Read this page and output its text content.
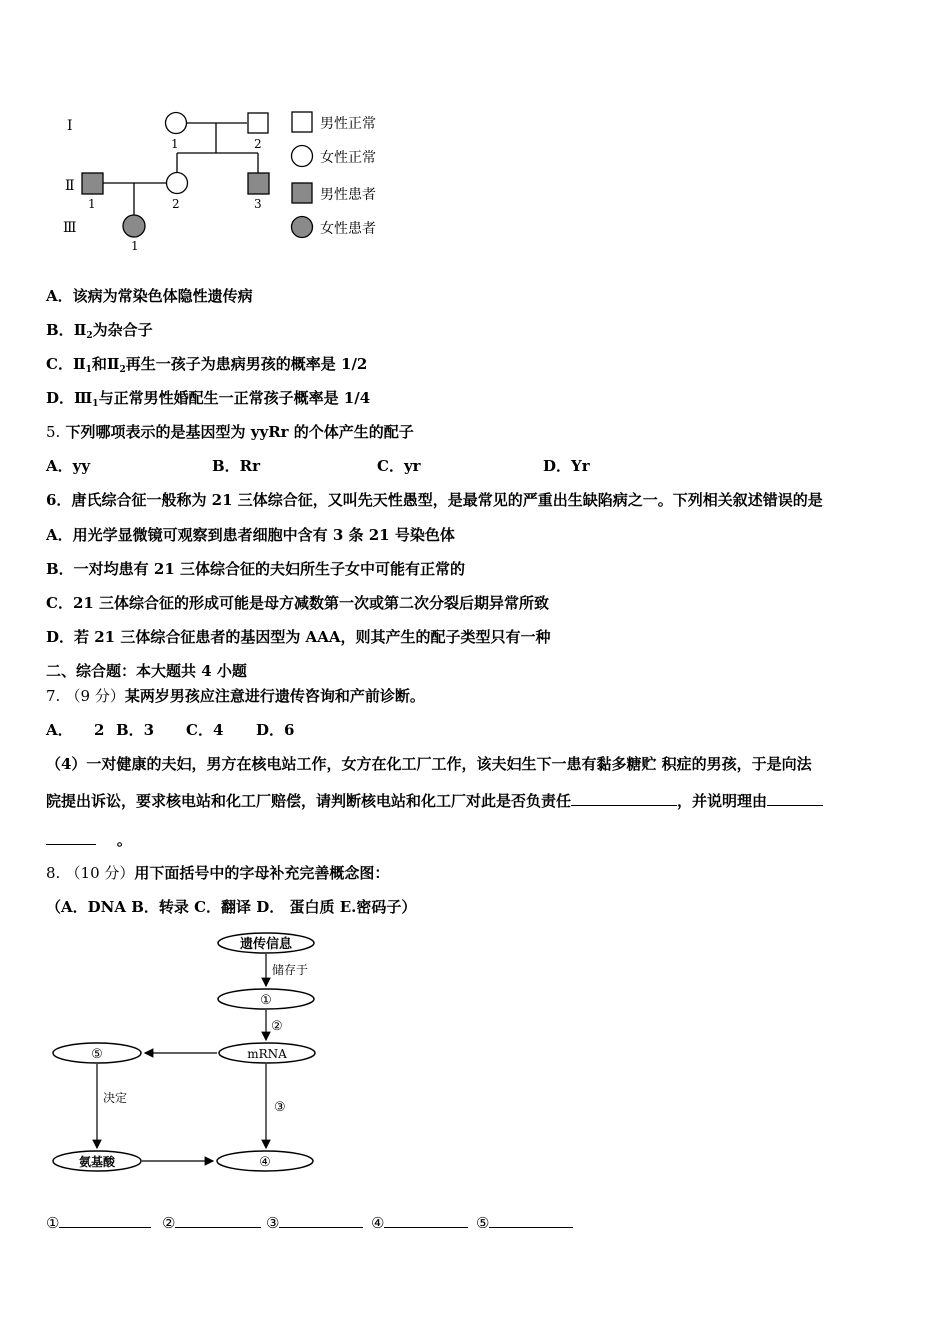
Ⅰ
Ⅱ
Ⅲ
1	2
1	2	3
1
男性正常
女性正常
男性患者
女性患者
A．该病为常染色体隐性遗传病
B．$Ⅱ_2$为杂合子
C．$Ⅱ_1$和$Ⅱ_2$再生一孩子为患病男孩的概率是 1/2
D．$Ⅲ_1$与正常男性婚配生一正常孩子概率是 1/4
5. 下列哪项表示的是基因型为 yyRr 的个体产生的配子
A．yy	B．Rr	C．yr	D．Yr
6．唐氏综合征一般称为 21 三体综合征，又叫先天性愚型，是最常见的严重出生缺陷病之一。下列相关叙述错误的是
A．用光学显微镜可观察到患者细胞中含有 3 条 21 号染色体
B．一对均患有 21 三体综合征的夫妇所生子女中可能有正常的
C．21 三体综合征的形成可能是母方减数第一次或第二次分裂后期异常所致
D．若 21 三体综合征患者的基因型为 AAA，则其产生的配子类型只有一种
二、综合题：本大题共 4 小题
7. （9 分）某两岁男孩应注意进行遗传咨询和产前诊断。
A． 2 B．3 C．4 D．6
（4）一对健康的夫妇，男方在核电站工作，女方在化工厂工作，该夫妇生下一患有黏多糖贮 积症的男孩，于是向法
院提出诉讼，要求核电站和化工厂赔偿，请判断核电站和化工厂对此是否负责任	，并说明理由
。
8. （10 分）用下面括号中的字母补充完善概念图：
（A．DNA B．转录 C．翻译 D． 蛋白质 E.密码子）
遗传信息
储存于
①
②
mRNA
⑤
决定
③
氨基酸	④
①	②	③	④	⑤
